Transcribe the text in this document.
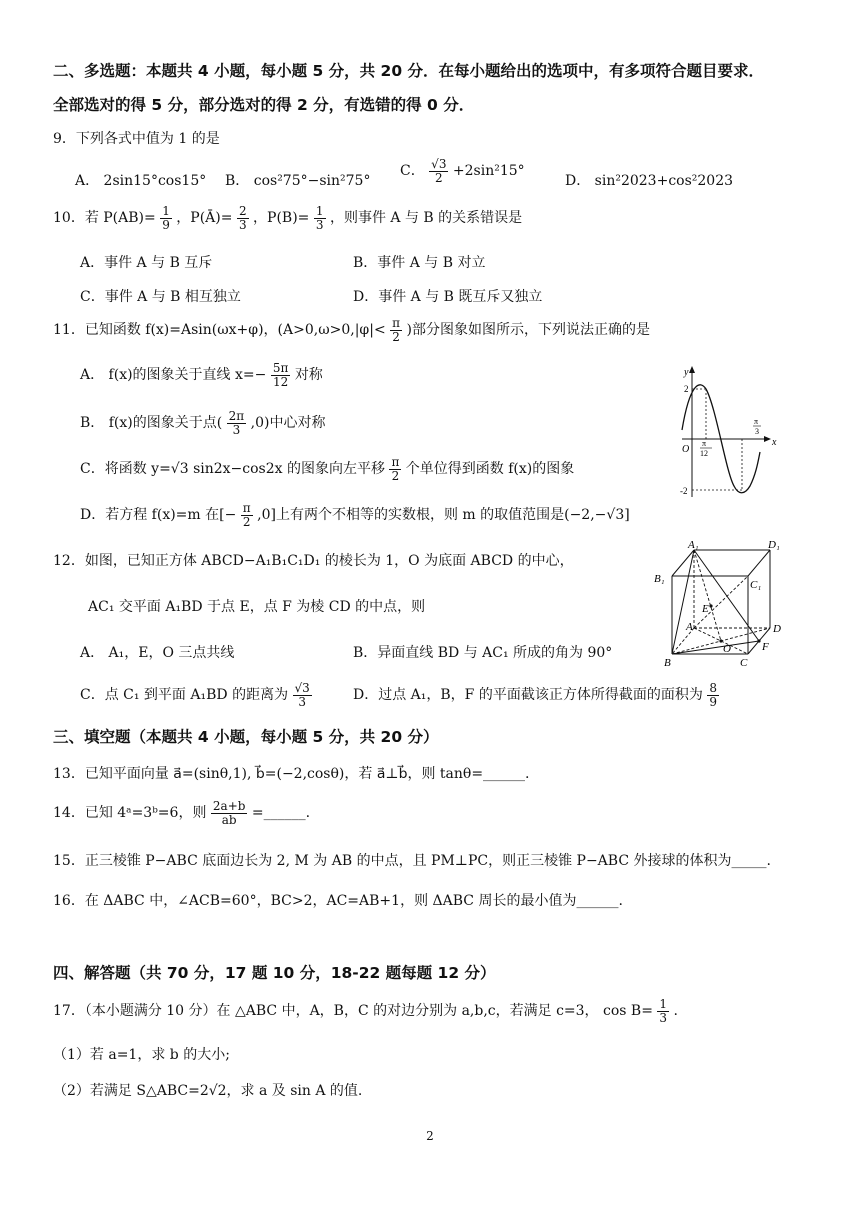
二、多选题：本题共 4 小题，每小题 5 分，共 20 分．在每小题给出的选项中，有多项符合题目要求．
全部选对的得 5 分，部分选对的得 2 分，有选错的得 0 分．
9．下列各式中值为 1 的是
A． 2sin15°cos15° B． cos²75°−sin²75°
C． $\frac{√3}{2} +2\sin^215^\circ$
D． sin²2023+cos²2023
10．若 $P(AB)= \frac{1}{9}$ ，P(Ā)= $\frac{2}{3}$ ，$P(B)= \frac{1}{3}$ ，则事件 A 与 B 的关系错误是
A．事件 A 与 B 互斥	B．事件 A 与 B 对立
C．事件 A 与 B 相互独立	D．事件 A 与 B 既互斥又独立
11．已知函数 f(x)=Asin(ωx+φ)，($A>0,\omega>0,|\varphi|< \frac{\pi}{2}$ )部分图象如图所示，下列说法正确的是
A． f(x)的图象关于直线 $x=- \frac{5\pi}{12}$ 对称
B． f(x)的图象关于点( $\frac{2\pi}{3} ,0$)中心对称
C．将函数 y=√3 sin2x−cos2x 的图象向左平移 $\frac{\pi}{2}$ 个单位得到函数 f(x)的图象
D．若方程 f(x)=m 在[− $\frac{\pi}{2} ,0$]上有两个不相等的实数根，则 m 的取值范围是(−2,−√3]
y
x
O
2
-2
π
12
π
3
12．如图，已知正方体 ABCD−A₁B₁C₁D₁ 的棱长为 1，O 为底面 ABCD 的中心，
AC₁ 交平面 A₁BD 于点 E，点 F 为棱 CD 的中点，则
A． A₁，E，O 三点共线	B．异面直线 BD 与 AC₁ 所成的角为 90°
C．点 C₁ 到平面 A₁BD 的距离为 $\frac{√3}{3}$	D．过点 A₁，B，F 的平面截该正方体所得截面的面积为 $\frac{8}{9}$
A₁	D₁
B₁	C₁
A
B	C
D
E
O	F
三、填空题（本题共 4 小题，每小题 5 分，共 20 分）
13．已知平面向量 a⃗=(sinθ,1), b⃗=(−2,cosθ)，若 a⃗⊥b⃗，则 tanθ=______.
14．已知 4ᵃ=3ᵇ=6，则 $\frac{2a+b}{ab}$ =______.
15．正三棱锥 P−ABC 底面边长为 2, M 为 AB 的中点，且 PM⊥PC，则正三棱锥 P−ABC 外接球的体积为_____.
16．在 ΔABC 中，∠ACB=60°，BC>2，AC=AB+1，则 ΔABC 周长的最小值为______.
四、解答题（共 70 分，17 题 10 分，18-22 题每题 12 分）
17．（本小题满分 10 分）在 △ABC 中，A，B，C 的对边分别为 a,b,c，若满足 c=3， $\cos B= \frac{1}{3}$ .
（1）若 a=1，求 b 的大小;
（2）若满足 S△ABC=2√2，求 a 及 sin A 的值.
2
